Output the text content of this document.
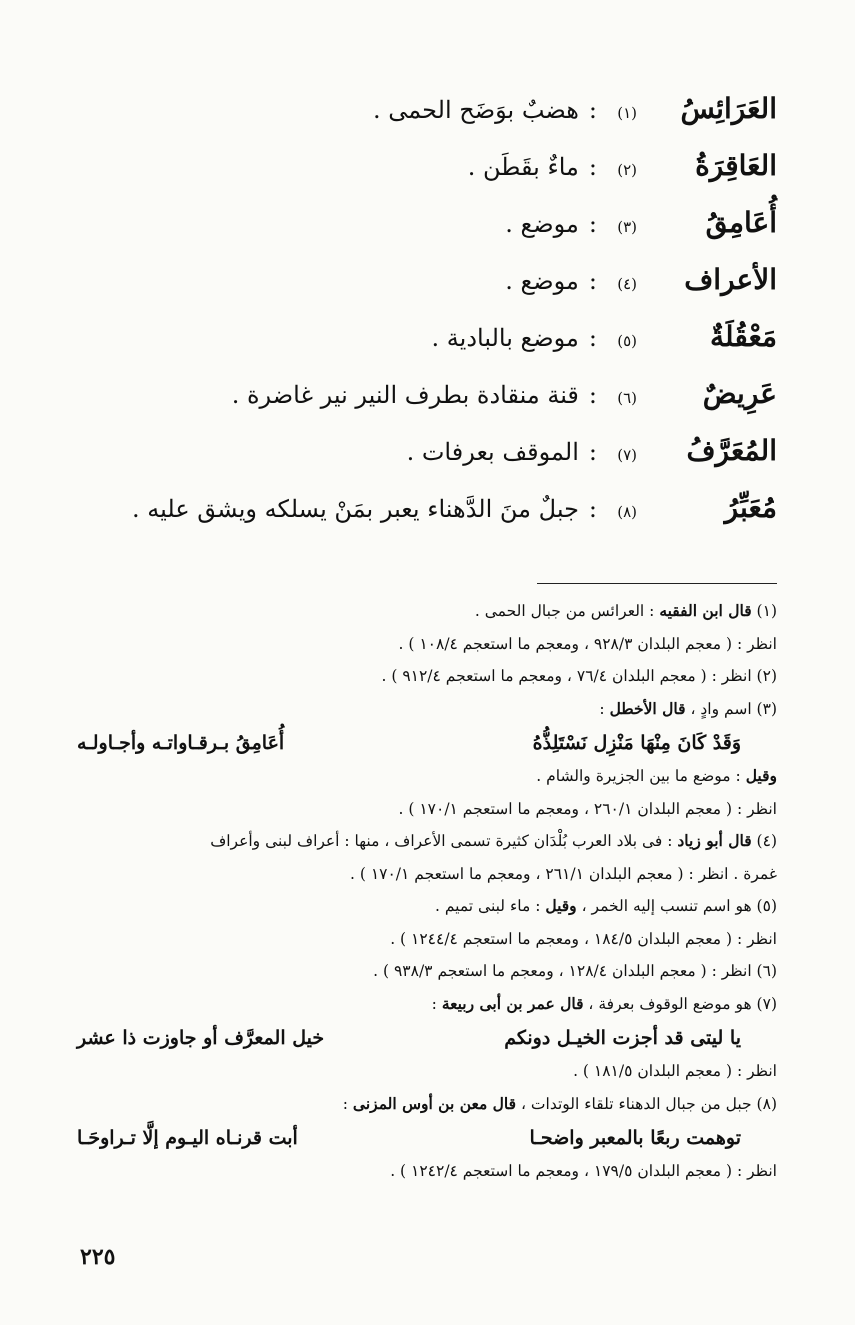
العَرَائِسُ
(١)
:
هضبٌ بوَضَح الحمى .
العَاقِرَةُ
(٢)
:
ماءٌ بقَطَن .
أُعَامِقُ
(٣)
:
موضع .
الأعراف
(٤)
:
موضع .
مَعْقُلَةٌ
(٥)
:
موضع بالبادية .
عَرِيضٌ
(٦)
:
قنة منقادة بطرف النير نير غاضرة .
المُعَرَّفُ
(٧)
:
الموقف بعرفات .
مُعَبِّرُ
(٨)
:
جبلٌ منَ الدَّهناء يعبر بمَنْ يسلكه ويشق عليه .
(١) قال ابن الفقيه : العرائس من جبال الحمى .
انظر : ( معجم البلدان ٩٢٨/٣ ، ومعجم ما استعجم ١٠٨/٤ ) .
(٢) انظر : ( معجم البلدان ٧٦/٤ ، ومعجم ما استعجم ٩١٢/٤ ) .
(٣) اسم وادٍ ، قال الأخطل :
وَقَدْ كَانَ مِنْهَا مَنْزِل نَسْتَلِذُّهُ
أُعَامِقُ بـرقـاواتـه وأجـاولـه
وقيل : موضع ما بين الجزيرة والشام .
انظر : ( معجم البلدان ٢٦٠/١ ، ومعجم ما استعجم ١٧٠/١ ) .
(٤) قال أبو زياد : فى بلاد العرب بُلْدَان كثيرة تسمى الأعراف ، منها : أعراف لبنى وأعراف
غمرة . انظر : ( معجم البلدان ٢٦١/١ ، ومعجم ما استعجم ١٧٠/١ ) .
(٥) هو اسم تنسب إليه الخمر ، وقيل : ماء لبنى تميم .
انظر : ( معجم البلدان ١٨٤/٥ ، ومعجم ما استعجم ١٢٤٤/٤ ) .
(٦) انظر : ( معجم البلدان ١٢٨/٤ ، ومعجم ما استعجم ٩٣٨/٣ ) .
(٧) هو موضع الوقوف بعرفة ، قال عمر بن أبى ربيعة :
يا ليتى قد أجزت الخيـل دونكم
خيل المعرَّف أو جاوزت ذا عشر
انظر : ( معجم البلدان ١٨١/٥ ) .
(٨) جبل من جبال الدهناء تلقاء الوتدات ، قال معن بن أوس المزنى :
توهمت ربعًا بالمعبر واضحـا
أبت قرنـاه اليـوم إلَّا تـراوحَـا
انظر : ( معجم البلدان ١٧٩/٥ ، ومعجم ما استعجم ١٢٤٢/٤ ) .
٢٢٥
